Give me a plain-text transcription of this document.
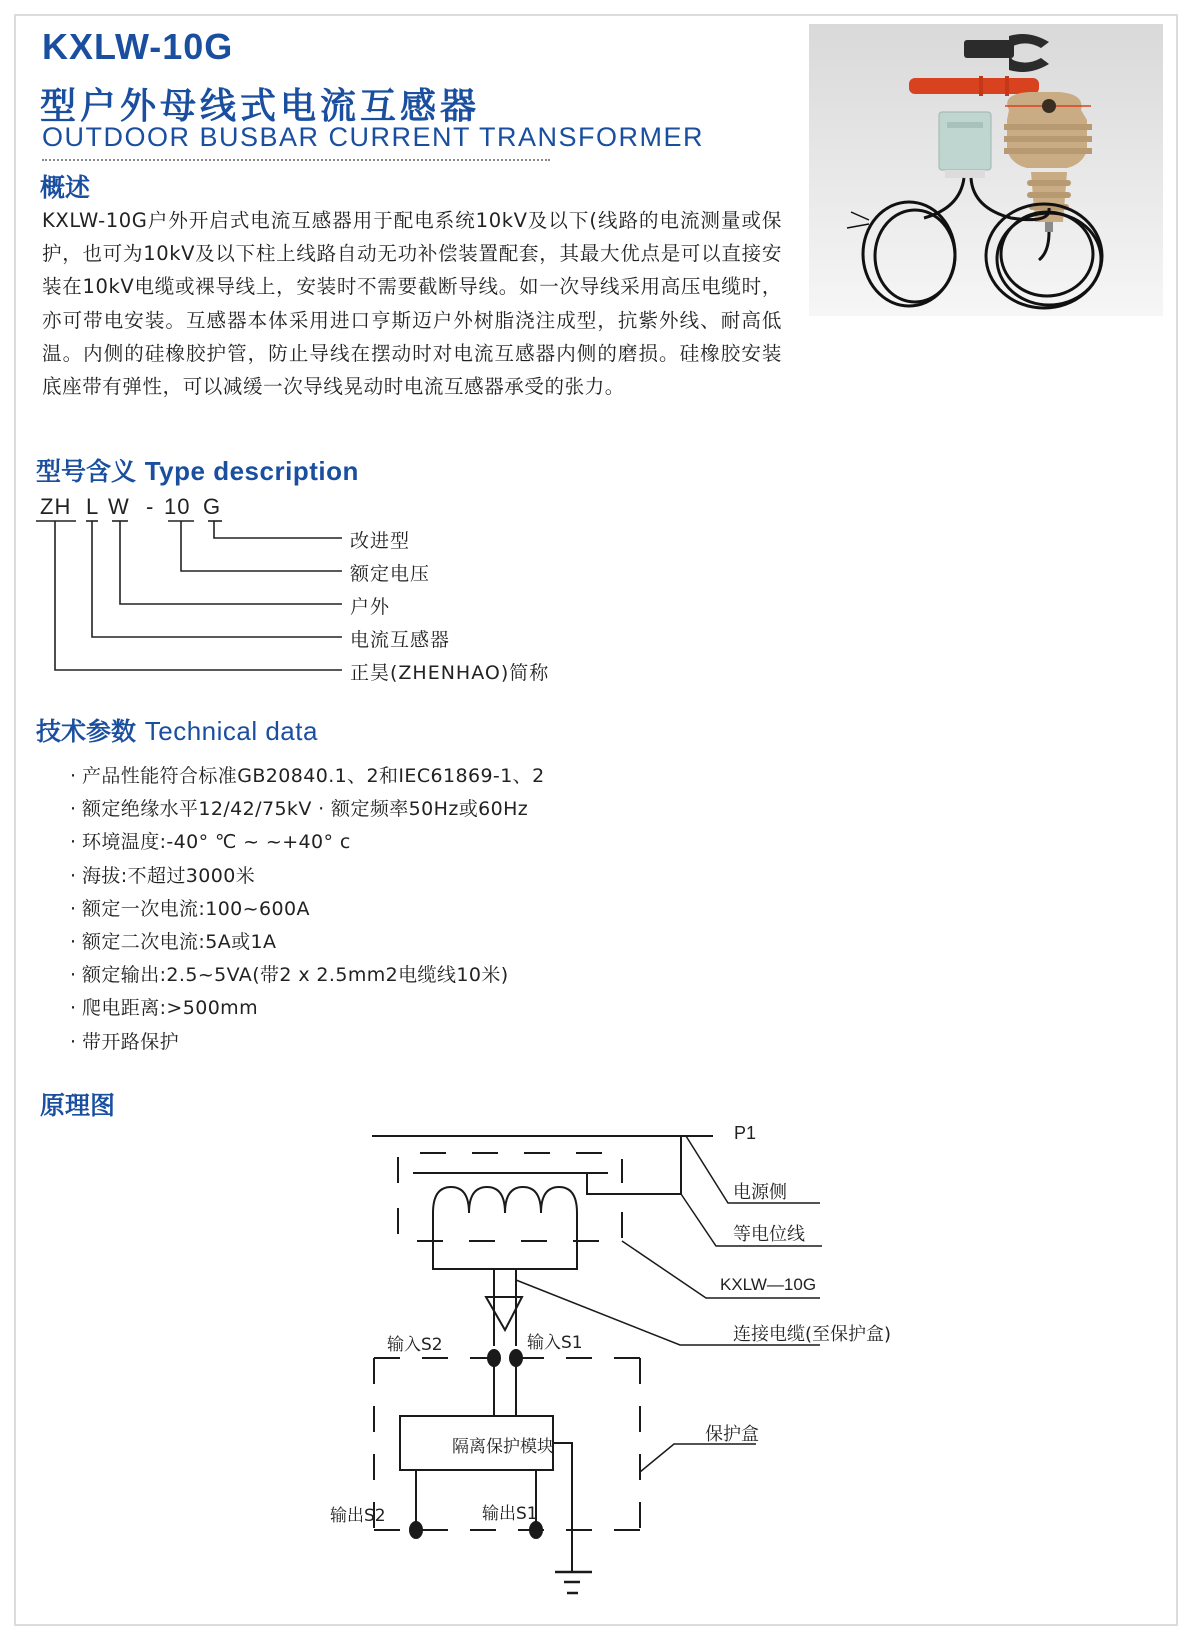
KXLW-10G
型户外母线式电流互感器
OUTDOOR BUSBAR CURRENT TRANSFORMER
概述
KXLW-10G户外开启式电流互感器用于配电系统10kV及以下(线路的电流测量或保护，也可为10kV及以下柱上线路自动无功补偿装置配套，其最大优点是可以直接安装在10kV电缆或裸导线上，安装时不需要截断导线。如一次导线采用高压电缆时，亦可带电安装。互感器本体采用进口亨斯迈户外树脂浇注成型，抗紫外线、耐高低温。内侧的硅橡胶护管，防止导线在摆动时对电流互感器内侧的磨损。硅橡胶安装底座带有弹性，可以减缓一次导线晃动时电流互感器承受的张力。
型号含义 Type description
ZH L W - 10 G
改进型
额定电压
户外
电流互感器
正昊(ZHENHAO)简称
技术参数 Technical data
· 产品性能符合标准GB20840.1、2和IEC61869-1、2
· 额定绝缘水平12/42/75kV · 额定频率50Hz或60Hz
· 环境温度:-40° ℃ ~ ~+40° c
· 海拔:不超过3000米
· 额定一次电流:100~600A
· 额定二次电流:5A或1A
· 额定输出:2.5~5VA(带2 x 2.5mm2电缆线10米)
· 爬电距离:>500mm
· 带开路保护
原理图
P1
电源侧
等电位线
KXLW—10G
连接电缆(至保护盒)
输入S2	输入S1
保护盒
隔离保护模块
输出S2	输出S1
